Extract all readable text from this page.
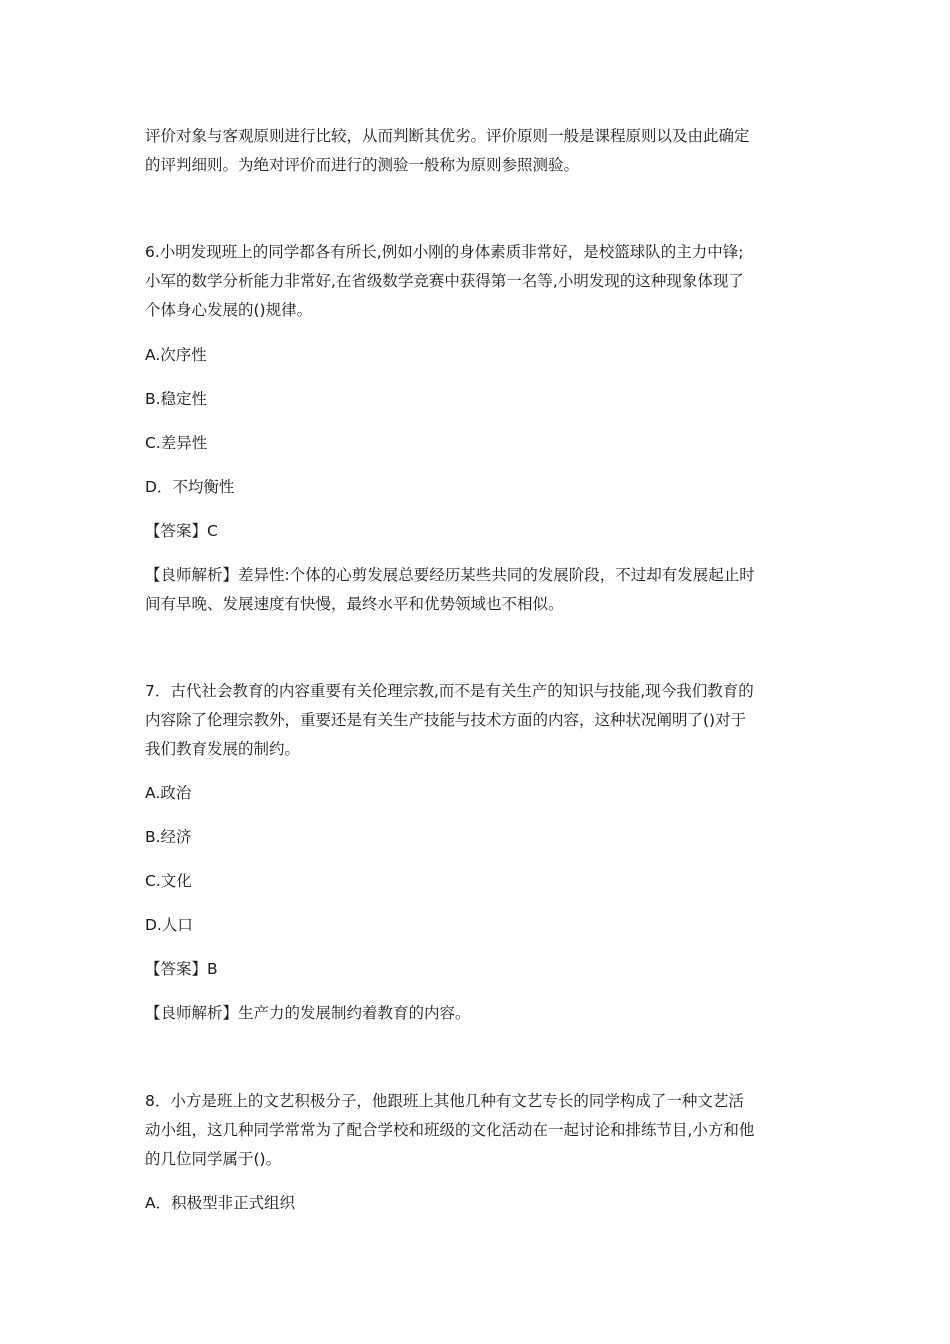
评价对象与客观原则进行比较，从而判断其优劣。评价原则一般是课程原则以及由此确定
的评判细则。为绝对评价而进行的测验一般称为原则参照测验。
6.小明发现班上的同学都各有所长,例如小刚的身体素质非常好，是校篮球队的主力中锋;
小军的数学分析能力非常好,在省级数学竞赛中获得第一名等,小明发现的这种现象体现了
个体身心发展的()规律。
A.次序性
B.稳定性
C.差异性
D．不均衡性
【答案】C
【良师解析】差异性:个体的心剪发展总要经历某些共同的发展阶段，不过却有发展起止时
间有早晚、发展速度有快慢，最终水平和优势领域也不相似。
7．古代社会教育的内容重要有关伦理宗教,而不是有关生产的知识与技能,现今我们教育的
内容除了伦理宗教外，重要还是有关生产技能与技术方面的内容，这种状况阐明了()对于
我们教育发展的制约。
A.政治
B.经济
C.文化
D.人口
【答案】B
【良师解析】生产力的发展制约着教育的内容。
8．小方是班上的文艺积极分子，他跟班上其他几种有文艺专长的同学构成了一种文艺活
动小组，这几种同学常常为了配合学校和班级的文化活动在一起讨论和排练节目,小方和他
的几位同学属于()。
A．积极型非正式组织
